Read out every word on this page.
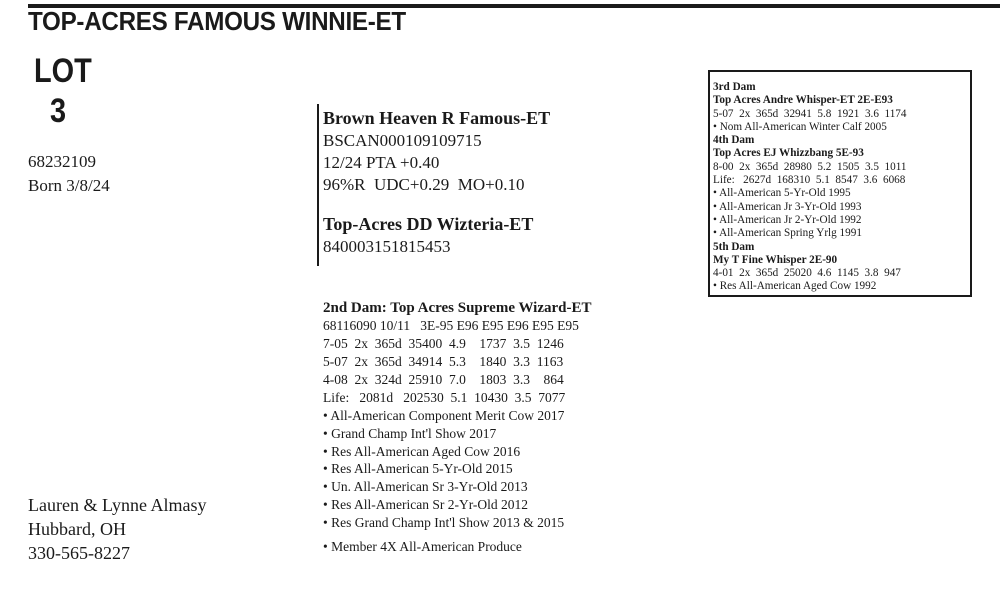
TOP-ACRES FAMOUS WINNIE-ET
LOT
3
68232109
Born 3/8/24
Brown Heaven R Famous-ET
BSCAN000109109715
12/24 PTA +0.40
96%R  UDC+0.29  MO+0.10
Top-Acres DD Wizteria-ET
840003151815453
2nd Dam: Top Acres Supreme Wizard-ET
68116090 10/11   3E-95 E96 E95 E96 E95 E95
7-05  2x  365d  35400  4.9    1737  3.5  1246
5-07  2x  365d  34914  5.3    1840  3.3  1163
4-08  2x  324d  25910  7.0    1803  3.3    864
Life:   2081d   202530  5.1  10430  3.5  7077
• All-American Component Merit Cow 2017
• Grand Champ Int'l Show 2017
• Res All-American Aged Cow 2016
• Res All-American 5-Yr-Old 2015
• Un. All-American Sr 3-Yr-Old 2013
• Res All-American Sr 2-Yr-Old 2012
• Res Grand Champ Int'l Show 2013 & 2015
• Member 4X All-American Produce
3rd Dam
Top Acres Andre Whisper-ET 2E-E93
5-07  2x  365d  32941  5.8  1921  3.6  1174
• Nom All-American Winter Calf 2005
4th Dam
Top Acres EJ Whizzbang 5E-93
8-00  2x  365d  28980  5.2  1505  3.5  1011
Life:   2627d  168310  5.1  8547  3.6  6068
• All-American 5-Yr-Old 1995
• All-American Jr 3-Yr-Old 1993
• All-American Jr 2-Yr-Old 1992
• All-American Spring Yrlg 1991
5th Dam
My T Fine Whisper 2E-90
4-01  2x  365d  25020  4.6  1145  3.8  947
• Res All-American Aged Cow 1992
Lauren & Lynne Almasy
Hubbard, OH
330-565-8227
